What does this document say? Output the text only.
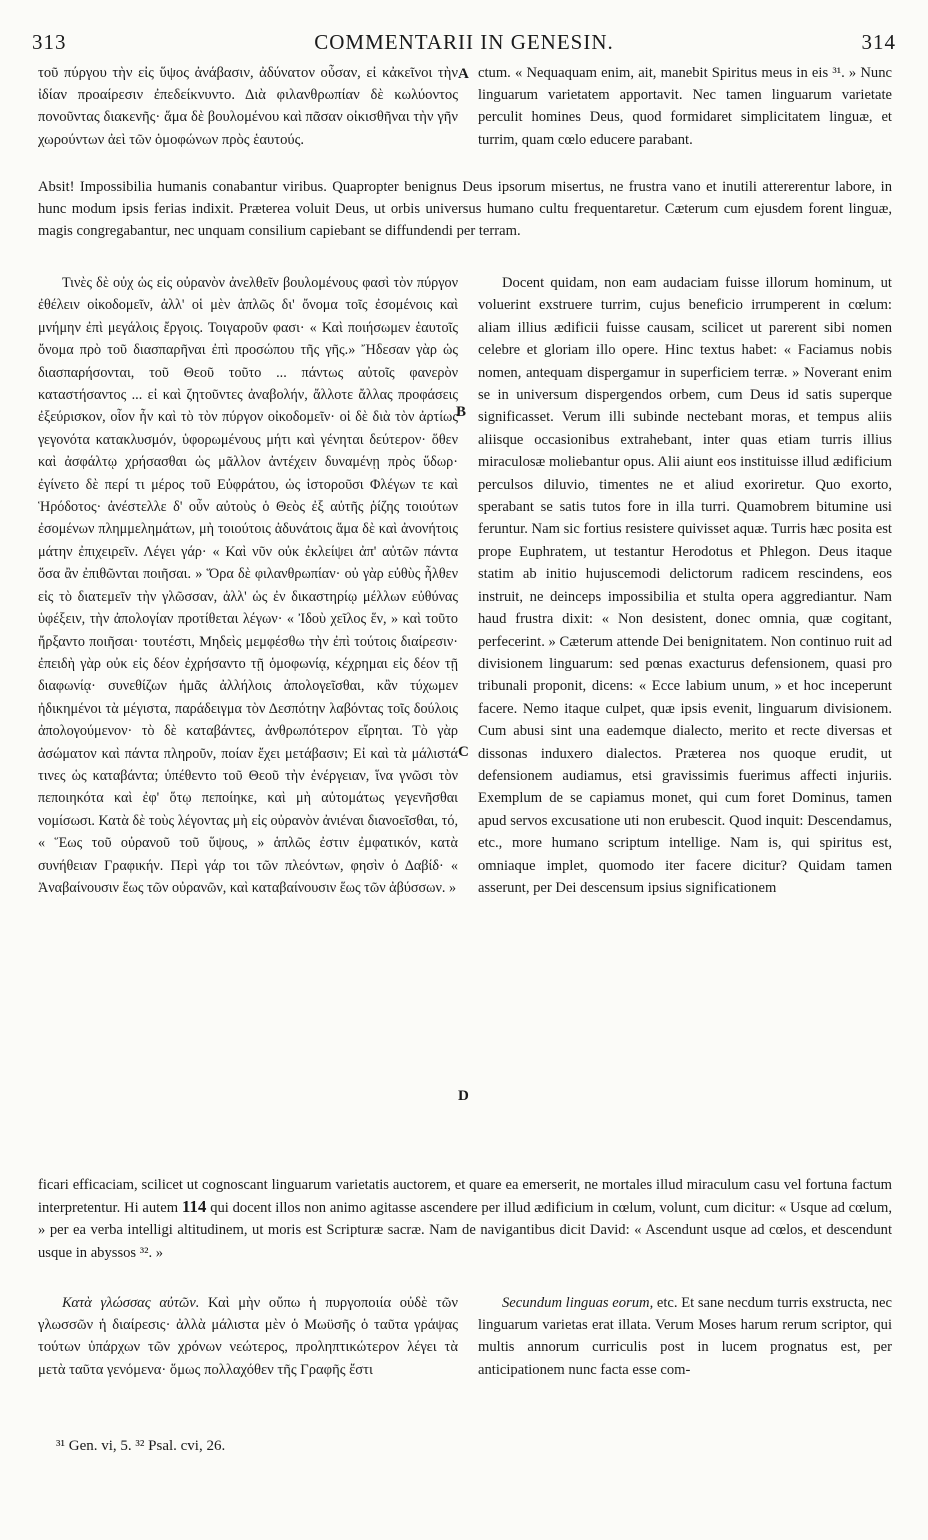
313	COMMENTARII IN GENESIN.	314

τοῦ πύργου τὴν εἰς ὕψος ἀνάβασιν, ἀδύνατον οὖσαν, εἰ κἀκεῖνοι τὴν ἰδίαν προαίρεσιν ἐπεδείκνυντο. Διὰ φιλανθρωπίαν δὲ κωλύοντος πονοῦντας διακενῆς· ἅμα δὲ βουλομένου καὶ πᾶσαν οἰκισθῆναι τὴν γῆν χωρούντων ἀεὶ τῶν ὁμοφώνων πρὸς ἑαυτούς.

ctum. « Nequaquam enim, ait, manebit Spiritus meus in eis ³¹. » Nunc linguarum varietatem apportavit. Nec tamen linguarum varietate perculit homines Deus, quod formidaret simplicitatem linguæ, et turrim, quam cœlo educere parabant.

A

Absit! Impossibilia humanis conabantur viribus. Quapropter benignus Deus ipsorum misertus, ne frustra vano et inutili attererentur labore, in hunc modum ipsis ferias indixit. Præterea voluit Deus, ut orbis universus humano cultu frequentaretur. Cæterum cum ejusdem forent linguæ, magis congregabantur, nec unquam consilium capiebant se diffundendi per terram.

Τινὲς δὲ οὐχ ὡς εἰς οὐρανὸν ἀνελθεῖν βουλομένους φασὶ τὸν πύργον ἐθέλειν οἰκοδομεῖν, ἀλλ' οἱ μὲν ἁπλῶς δι' ὄνομα τοῖς ἐσομένοις καὶ μνήμην ἐπὶ μεγάλοις ἔργοις. Τοιγαροῦν φασι· « Καὶ ποιήσωμεν ἑαυτοῖς ὄνομα πρὸ τοῦ διασπαρῆναι ἐπὶ προσώπου τῆς γῆς.» Ἤδεσαν γὰρ ὡς διασπαρήσονται, τοῦ Θεοῦ τοῦτο ... πάντως αὐτοῖς φανερὸν καταστήσαντος ... εἰ καὶ ζητοῦντες ἀναβολήν, ἄλλοτε ἄλλας προφάσεις ἐξεύρισκον, οἷον ἦν καὶ τὸ τὸν πύργον οἰκοδομεῖν· οἱ δὲ διὰ τὸν ἀρτίως γεγονότα κατακλυσμόν, ὑφορωμένους μήτι καὶ γένηται δεύτερον· ὅθεν καὶ ἀσφάλτῳ χρήσασθαι ὡς μᾶλλον ἀντέχειν δυναμένῃ πρὸς ὕδωρ· ἐγίνετο δὲ περί τι μέρος τοῦ Εὐφράτου, ὡς ἱστοροῦσι Φλέγων τε καὶ Ἡρόδοτος· ἀνέστελλε δ' οὖν αὐτοὺς ὁ Θεὸς ἐξ αὐτῆς ῥίζης τοιούτων ἐσομένων πλημμελημάτων, μὴ τοιούτοις ἀδυνάτοις ἅμα δὲ καὶ ἀνονήτοις μάτην ἐπιχειρεῖν. Λέγει γάρ· « Καὶ νῦν οὐκ ἐκλείψει ἀπ' αὐτῶν πάντα ὅσα ἂν ἐπιθῶνται ποιῆσαι. » Ὅρα δὲ φιλανθρωπίαν· οὐ γὰρ εὐθὺς ἦλθεν εἰς τὸ διατεμεῖν τὴν γλῶσσαν, ἀλλ' ὡς ἐν δικαστηρίῳ μέλλων εὐθύνας ὑφέξειν, τὴν ἀπολογίαν προτίθεται λέγων· « Ἰδοὺ χεῖλος ἕν, » καὶ τοῦτο ἤρξαντο ποιῆσαι· τουτέστι, Μηδεὶς μεμφέσθω τὴν ἐπὶ τούτοις διαίρεσιν· ἐπειδὴ γὰρ οὐκ εἰς δέον ἐχρήσαντο τῇ ὁμοφωνίᾳ, κέχρημαι εἰς δέον τῇ διαφωνίᾳ· συνεθίζων ἡμᾶς ἀλλήλοις ἀπολογεῖσθαι, κἂν τύχωμεν ἠδικημένοι τὰ μέγιστα, παράδειγμα τὸν Δεσπότην λαβόντας τοῖς δούλοις ἀπολογούμενον· τὸ δὲ καταβάντες, ἀνθρωπότερον εἴρηται. Τὸ γὰρ ἀσώματον καὶ πάντα πληροῦν, ποίαν ἔχει μετάβασιν; Εἰ καὶ τὰ μάλιστά τινες ὡς καταβάντα; ὑπέθεντο τοῦ Θεοῦ τὴν ἐνέργειαν, ἵνα γνῶσι τὸν πεποιηκότα καὶ ἐφ' ὅτῳ πεποίηκε, καὶ μὴ αὐτομάτως γεγενῆσθαι νομίσωσι. Κατὰ δὲ τοὺς λέγοντας μὴ εἰς οὐρανὸν ἀνιέναι διανοεῖσθαι, τό, « Ἕως τοῦ οὐρανοῦ τοῦ ὕψους, » ἁπλῶς ἐστιν ἐμφατικόν, κατὰ συνήθειαν Γραφικήν. Περὶ γάρ τοι τῶν πλεόντων, φησὶν ὁ Δαβίδ· « Ἀναβαίνουσιν ἕως τῶν οὐρανῶν, καὶ καταβαίνουσιν ἕως τῶν ἀβύσσων. »

Docent quidam, non eam audaciam fuisse illorum hominum, ut voluerint exstruere turrim, cujus beneficio irrumperent in cœlum: aliam illius ædificii fuisse causam, scilicet ut parerent sibi nomen celebre et gloriam illo opere. Hinc textus habet: « Faciamus nobis nomen, antequam dispergamur in superficiem terræ. » Noverant enim se in universum dispergendos orbem, cum Deus id satis superque significasset. Verum illi subinde nectebant moras, et tempus aliis aliisque occasionibus extrahebant, inter quas etiam turris illius miraculosæ moliebantur opus. Alii aiunt eos instituisse illud ædificium perculsos diluvio, timentes ne et aliud exoriretur. Quo exorto, sperabant se satis tutos fore in illa turri. Quamobrem bitumine usi feruntur. Nam sic fortius resistere quivisset aquæ. Turris hæc posita est prope Euphratem, ut testantur Herodotus et Phlegon. Deus itaque statim ab initio hujuscemodi delictorum radicem rescindens, eos instruit, ne deinceps impossibilia et stulta opera aggrediantur. Nam haud frustra dixit: « Non desistent, donec omnia, quæ cogitant, perfecerint. » Cæterum attende Dei benignitatem. Non continuo ruit ad divisionem linguarum: sed pœnas exacturus defensionem, quasi pro tribunali proponit, dicens: « Ecce labium unum, » et hoc inceperunt facere. Nemo itaque culpet, quæ ipsis evenit, linguarum divisionem. Cum abusi sint una eademque dialecto, merito et recte diversas et dissonas induxero dialectos. Præterea nos quoque erudit, ut defensionem audiamus, etsi gravissimis fuerimus affecti injuriis. Exemplum de se capiamus monet, qui cum foret Dominus, tamen apud servos excusatione uti non erubescit. Quod inquit: Descendamus, etc., more humano scriptum intellige. Nam is, qui spiritus est, omniaque implet, quomodo iter facere dicitur? Quidam tamen asserunt, per Dei descensum ipsius significationem

B
C
D

ficari efficaciam, scilicet ut cognoscant linguarum varietatis auctorem, et quare ea emerserit, ne mortales illud miraculum casu vel fortuna factum interpretentur. Hi autem 114 qui docent illos non animo agitasse ascendere per illud ædificium in cœlum, volunt, cum dicitur: « Usque ad cœlum, » per ea verba intelligi altitudinem, ut moris est Scripturæ sacræ. Nam de navigantibus dicit David: « Ascendunt usque ad cœlos, et descendunt usque in abyssos ³². »

Κατὰ γλώσσας αὐτῶν. Καὶ μὴν οὔπω ἡ πυργοποιία οὐδὲ τῶν γλωσσῶν ἡ διαίρεσις· ἀλλὰ μάλιστα μὲν ὁ Μωϋσῆς ὁ ταῦτα γράψας τούτων ὑπάρχων τῶν χρόνων νεώτερος, προληπτικώτερον λέγει τὰ μετὰ ταῦτα γενόμενα· ὅμως πολλαχόθεν τῆς Γραφῆς ἔστι

Secundum linguas eorum, etc. Et sane necdum turris exstructa, nec linguarum varietas erat illata. Verum Moses harum rerum scriptor, qui multis annorum curriculis post in lucem prognatus est, per anticipationem nunc facta esse com-

³¹ Gen. vi, 5. ³² Psal. cvi, 26.
